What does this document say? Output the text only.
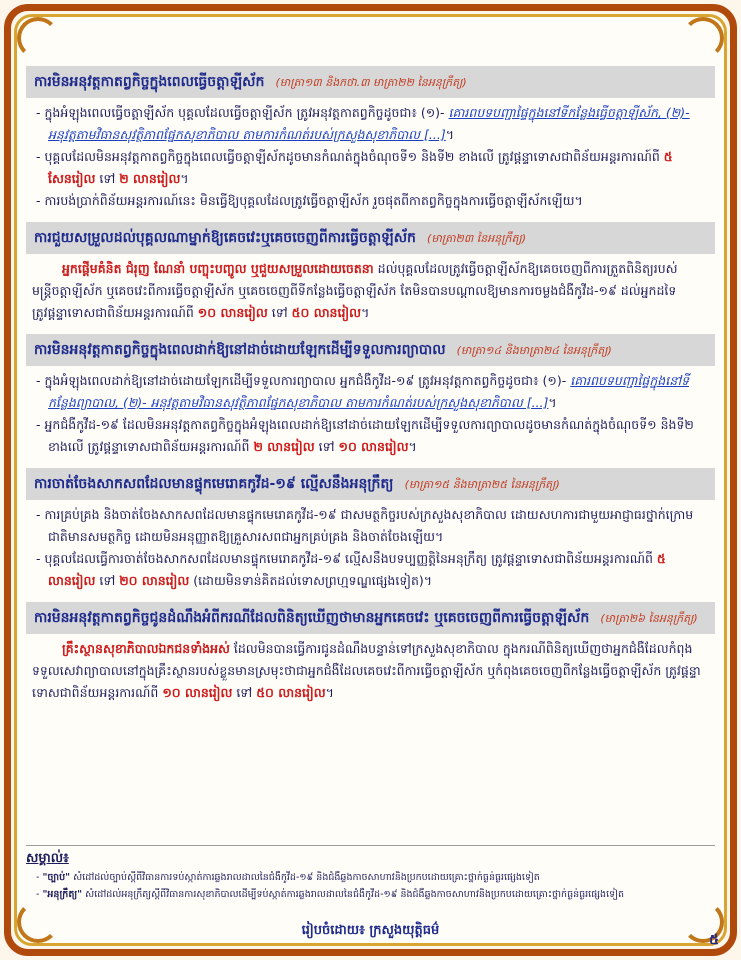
ការមិនអនុវត្តកាតព្វកិច្ចក្នុងពេលធ្វើចត្តាឡីស័ក (មាត្រា១៣ និងកថា.៣ មាត្រា២២ នៃអនុក្រឹត្យ)
- ក្នុងអំឡុងពេលធ្វើចត្តាឡីស័ក បុគ្គលដែលធ្វើចត្តាឡីស័ក ត្រូវអនុវត្តកាតព្វកិច្ចដូចជា៖ (១)- គោរពបទបញ្ជាផ្ទៃក្នុងនៅទីកន្លែងធ្វើចត្តាឡីស័ក, (២)- អនុវត្តតាមវិធានសុវត្ថិភាពផ្នែកសុខាភិបាល តាមការកំណត់របស់ក្រសួងសុខាភិបាល [...]។
- បុគ្គលដែលមិនអនុវត្តកាតព្វកិច្ចក្នុងពេលធ្វើចត្តាឡីស័កដូចមានកំណត់ក្នុងចំណុចទី១ និងទី២ ខាងលើ ត្រូវផ្តន្ទាទោសជាពិន័យអន្តរការណ៍ពី ៥ សែនរៀល ទៅ ២ លានរៀល។
- ការបង់ប្រាក់ពិន័យអន្តរការណ៍នេះ មិនធ្វើឱ្យបុគ្គលដែលត្រូវធ្វើចត្តាឡីស័ក រួចផុតពីកាតព្វកិច្ចក្នុងការធ្វើចត្តាឡីស័កឡើយ។
ការជួយសម្រួលដល់បុគ្គលណាម្នាក់ឱ្យគេចវេះឬគេចចេញពីការធ្វើចត្តាឡីស័ក (មាត្រា២៣ នៃអនុក្រឹត្យ)
អ្នកផ្តើមគំនិត ជំរុញ ណែនាំ បញ្ចុះបញ្ចូល ឬជួយសម្រួលដោយចេតនា ដល់បុគ្គលដែលត្រូវធ្វើចត្តាឡីស័កឱ្យគេចចេញពីការត្រួតពិនិត្យរបស់មន្ត្រីចត្តាឡីស័ក ឬគេចវេះពីការធ្វើចត្តាឡីស័ក ឬគេចចេញពីទីកន្លែងធ្វើចត្តាឡីស័ក តែមិនបានបណ្តាលឱ្យមានការចម្លងជំងឺកូវីដ-១៩ ដល់អ្នកដទៃ ត្រូវផ្តន្ទាទោសជាពិន័យអន្តរការណ៍ពី ១០ លានរៀល ទៅ ៥០ លានរៀល។
ការមិនអនុវត្តកាតព្វកិច្ចក្នុងពេលដាក់ឱ្យនៅដាច់ដោយឡែកដើម្បីទទួលការព្យាបាល (មាត្រា១៤ និងមាត្រា២៤ នៃអនុក្រឹត្យ)
- ក្នុងអំឡុងពេលដាក់ឱ្យនៅដាច់ដោយឡែកដើម្បីទទួលការព្យាបាល អ្នកជំងឺកូវីដ-១៩ ត្រូវអនុវត្តកាតព្វកិច្ចដូចជា៖ (១)- គោរពបទបញ្ជាផ្ទៃក្នុងនៅទីកន្លែងព្យាបាល, (២)- អនុវត្តតាមវិធានសុវត្ថិភាពផ្នែកសុខាភិបាល តាមការកំណត់របស់ក្រសួងសុខាភិបាល [...]។
- អ្នកជំងឺកូវីដ-១៩ ដែលមិនអនុវត្តកាតព្វកិច្ចក្នុងអំឡុងពេលដាក់ឱ្យនៅដាច់ដោយឡែកដើម្បីទទួលការព្យាបាលដូចមានកំណត់ក្នុងចំណុចទី១ និងទី២ ខាងលើ ត្រូវផ្តន្ទាទោសជាពិន័យអន្តរការណ៍ពី ២ លានរៀល ទៅ ១០ លានរៀល។
ការចាត់ចែងសាកសពដែលមានផ្ទុកមេរោគកូវីដ-១៩ ល្មើសនឹងអនុក្រឹត្យ (មាត្រា១៥ និងមាត្រា២៥ នៃអនុក្រឹត្យ)
- ការគ្រប់គ្រង និងចាត់ចែងសាកសពដែលមានផ្ទុកមេរោគកូវីដ-១៩ ជាសមត្ថកិច្ចរបស់ក្រសួងសុខាភិបាល ដោយសហការជាមួយអាជ្ញាធរថ្នាក់ក្រោមជាតិមានសមត្ថកិច្ច ដោយមិនអនុញ្ញាតឱ្យគ្រួសារសពជាអ្នកគ្រប់គ្រង និងចាត់ចែងឡើយ។
- បុគ្គលដែលធ្វើការចាត់ចែងសាកសពដែលមានផ្ទុកមេរោគកូវីដ-១៩ ល្មើសនឹងបទប្បញ្ញត្តិនៃអនុក្រឹត្យ ត្រូវផ្តន្ទាទោសជាពិន័យអន្តរការណ៍ពី ៥ លានរៀល ទៅ ២០ លានរៀល (ដោយមិនទាន់គិតដល់ទោសព្រហ្មទណ្ឌផ្សេងទៀត)។
ការមិនអនុវត្តកាតព្វកិច្ចជូនដំណឹងអំពីករណីដែលពិនិត្យឃើញថាមានអ្នកគេចវេះ ឬគេចចេញពីការធ្វើចត្តាឡីស័ក (មាត្រា២៦ នៃអនុក្រឹត្យ)
គ្រឹះស្ថានសុខាភិបាលឯកជនទាំងអស់ ដែលមិនបានធ្វើការជូនដំណឹងបន្ទាន់ទៅក្រសួងសុខាភិបាល ក្នុងករណីពិនិត្យឃើញថាអ្នកជំងឺដែលកំពុងទទួលសេវាព្យាបាលនៅក្នុងគ្រឹះស្ថានរបស់ខ្លួនមានស្រមុះថាជាអ្នកជំងឺដែលគេចវេះពីការធ្វើចត្តាឡីស័ក ឬកំពុងគេចចេញពីកន្លែងធ្វើចត្តាឡីស័ក ត្រូវផ្តន្ទាទោសជាពិន័យអន្តរការណ៍ពី ១០ លានរៀល ទៅ ៥០ លានរៀល។
សម្គាល់៖
- "ច្បាប់" សំដៅដល់ច្បាប់ស្តីពីវិធានការទប់ស្កាត់ការឆ្លងរាលដាលនៃជំងឺកូវីដ-១៩ និងជំងឺឆ្លងកាចសាហាវនិងប្រកបដោយគ្រោះថ្នាក់ធ្ងន់ធ្ងរផ្សេងទៀត
- "អនុក្រឹត្យ" សំដៅដល់អនុក្រឹត្យស្តីពីវិធានការសុខាភិបាលដើម្បីទប់ស្កាត់ការឆ្លងរាលដាលនៃជំងឺកូវីដ-១៩ និងជំងឺឆ្លងកាចសាហាវនិងប្រកបដោយគ្រោះថ្នាក់ធ្ងន់ធ្ងរផ្សេងទៀត
រៀបចំដោយ៖ ក្រសួងយុត្តិធម៌
៥
